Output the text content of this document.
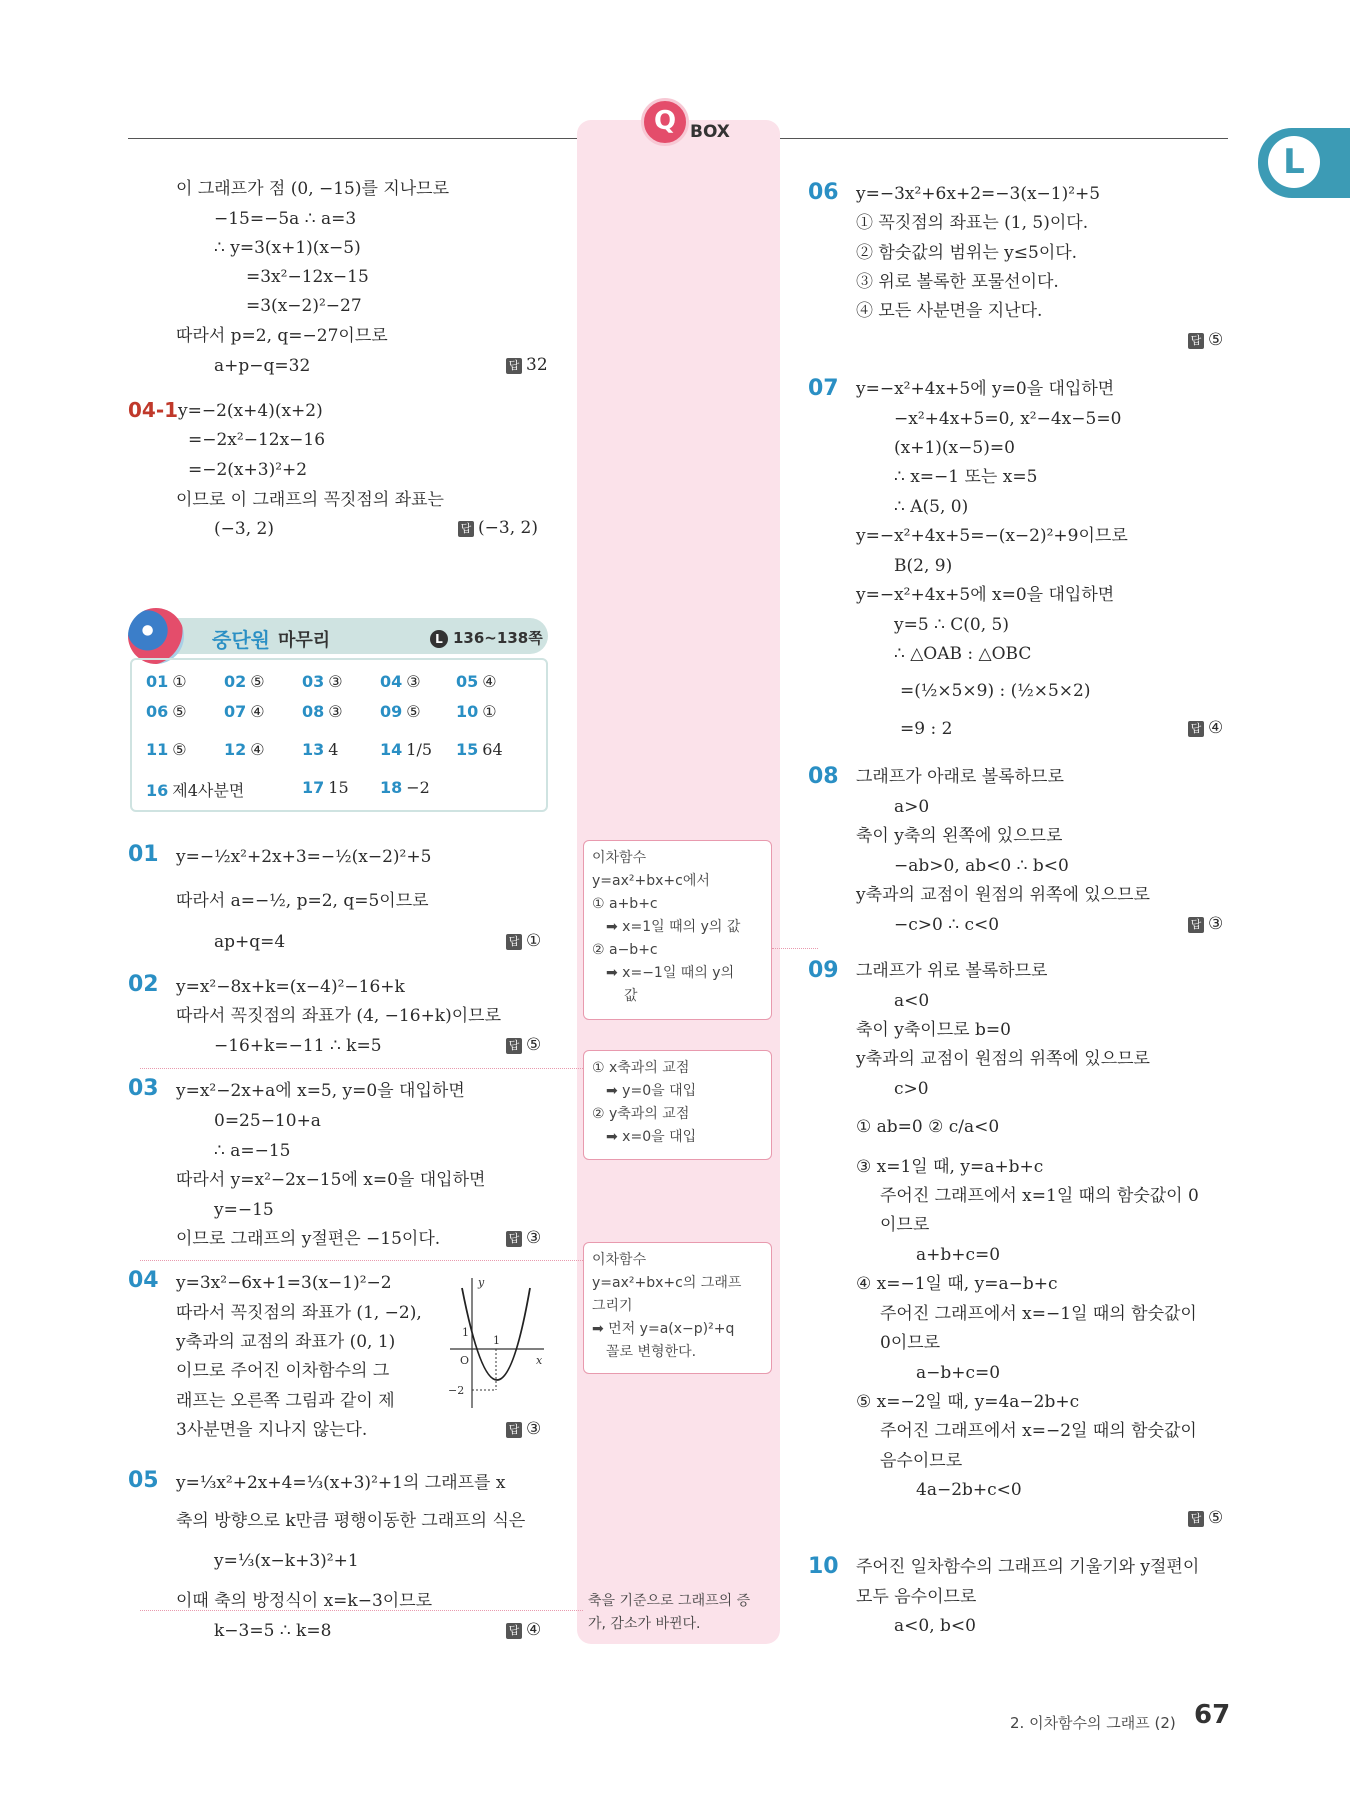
Q BOX
L
이 그래프가 점 (0, −15)를 지나므로
−15=−5a ∴ a=3
∴ y=3(x+1)(x−5)
=3x²−12x−15
=3(x−2)²−27
따라서 p=2, q=−27이므로
a+p−q=32	답 32
04-1 y=−2(x+4)(x+2)
=−2x²−12x−16
=−2(x+3)²+2
이므로 이 그래프의 꼭짓점의 좌표는
(−3, 2)	답 (−3, 2)
중단원 마무리	L 136~138쪽
01 ① 02 ⑤ 03 ③ 04 ③ 05 ④
06 ⑤ 07 ④ 08 ③ 09 ⑤ 10 ①
11 ⑤ 12 ④ 13 4	14 1/5 15 64
16 제4사분면	17 15 18 −2
01 y=−½x²+2x+3=−½(x−2)²+5
따라서 a=−½, p=2, q=5이므로
ap+q=4	답 ①
02 y=x²−8x+k=(x−4)²−16+k
따라서 꼭짓점의 좌표가 (4, −16+k)이므로
−16+k=−11 ∴ k=5	답 ⑤
03 y=x²−2x+a에 x=5, y=0을 대입하면
0=25−10+a
∴ a=−15
따라서 y=x²−2x−15에 x=0을 대입하면
y=−15
이므로 그래프의 y절편은 −15이다.	답 ③
04 y=3x²−6x+1=3(x−1)²−2
따라서 꼭짓점의 좌표가 (1, −2),
y축과의 교점의 좌표가 (0, 1)
이므로 주어진 이차함수의 그
래프는 오른쪽 그림과 같이 제
3사분면을 지나지 않는다.	답 ③
y
x
O
1
1
−2
05 y=⅓x²+2x+4=⅓(x+3)²+1의 그래프를 x
축의 방향으로 k만큼 평행이동한 그래프의 식은
y=⅓(x−k+3)²+1
이때 축의 방정식이 x=k−3이므로
k−3=5 ∴ k=8	답 ④
이차함수
y=ax²+bx+c에서
① a+b+c
➡ x=1일 때의 y의 값
② a−b+c
➡ x=−1일 때의 y의
값
① x축과의 교점
➡ y=0을 대입
② y축과의 교점
➡ x=0을 대입
이차함수
y=ax²+bx+c의 그래프
그리기
➡ 먼저 y=a(x−p)²+q
꼴로 변형한다.
축을 기준으로 그래프의 증
가, 감소가 바뀐다.
06 y=−3x²+6x+2=−3(x−1)²+5
① 꼭짓점의 좌표는 (1, 5)이다.
② 함숫값의 범위는 y≤5이다.
③ 위로 볼록한 포물선이다.
④ 모든 사분면을 지난다.
답 ⑤
07 y=−x²+4x+5에 y=0을 대입하면
−x²+4x+5=0, x²−4x−5=0
(x+1)(x−5)=0
∴ x=−1 또는 x=5
∴ A(5, 0)
y=−x²+4x+5=−(x−2)²+9이므로
B(2, 9)
y=−x²+4x+5에 x=0을 대입하면
y=5 ∴ C(0, 5)
∴ △OAB : △OBC
=(½×5×9) : (½×5×2)
=9 : 2	답 ④
08 그래프가 아래로 볼록하므로
a>0
축이 y축의 왼쪽에 있으므로
−ab>0, ab<0 ∴ b<0
y축과의 교점이 원점의 위쪽에 있으므로
−c>0 ∴ c<0	답 ③
09 그래프가 위로 볼록하므로
a<0
축이 y축이므로 b=0
y축과의 교점이 원점의 위쪽에 있으므로
c>0
① ab=0 ② c/a<0
③ x=1일 때, y=a+b+c
주어진 그래프에서 x=1일 때의 함숫값이 0
이므로
a+b+c=0
④ x=−1일 때, y=a−b+c
주어진 그래프에서 x=−1일 때의 함숫값이
0이므로
a−b+c=0
⑤ x=−2일 때, y=4a−2b+c
주어진 그래프에서 x=−2일 때의 함숫값이
음수이므로
4a−2b+c<0
답 ⑤
10 주어진 일차함수의 그래프의 기울기와 y절편이
모두 음수이므로
a<0, b<0
2. 이차함수의 그래프 (2) 67
